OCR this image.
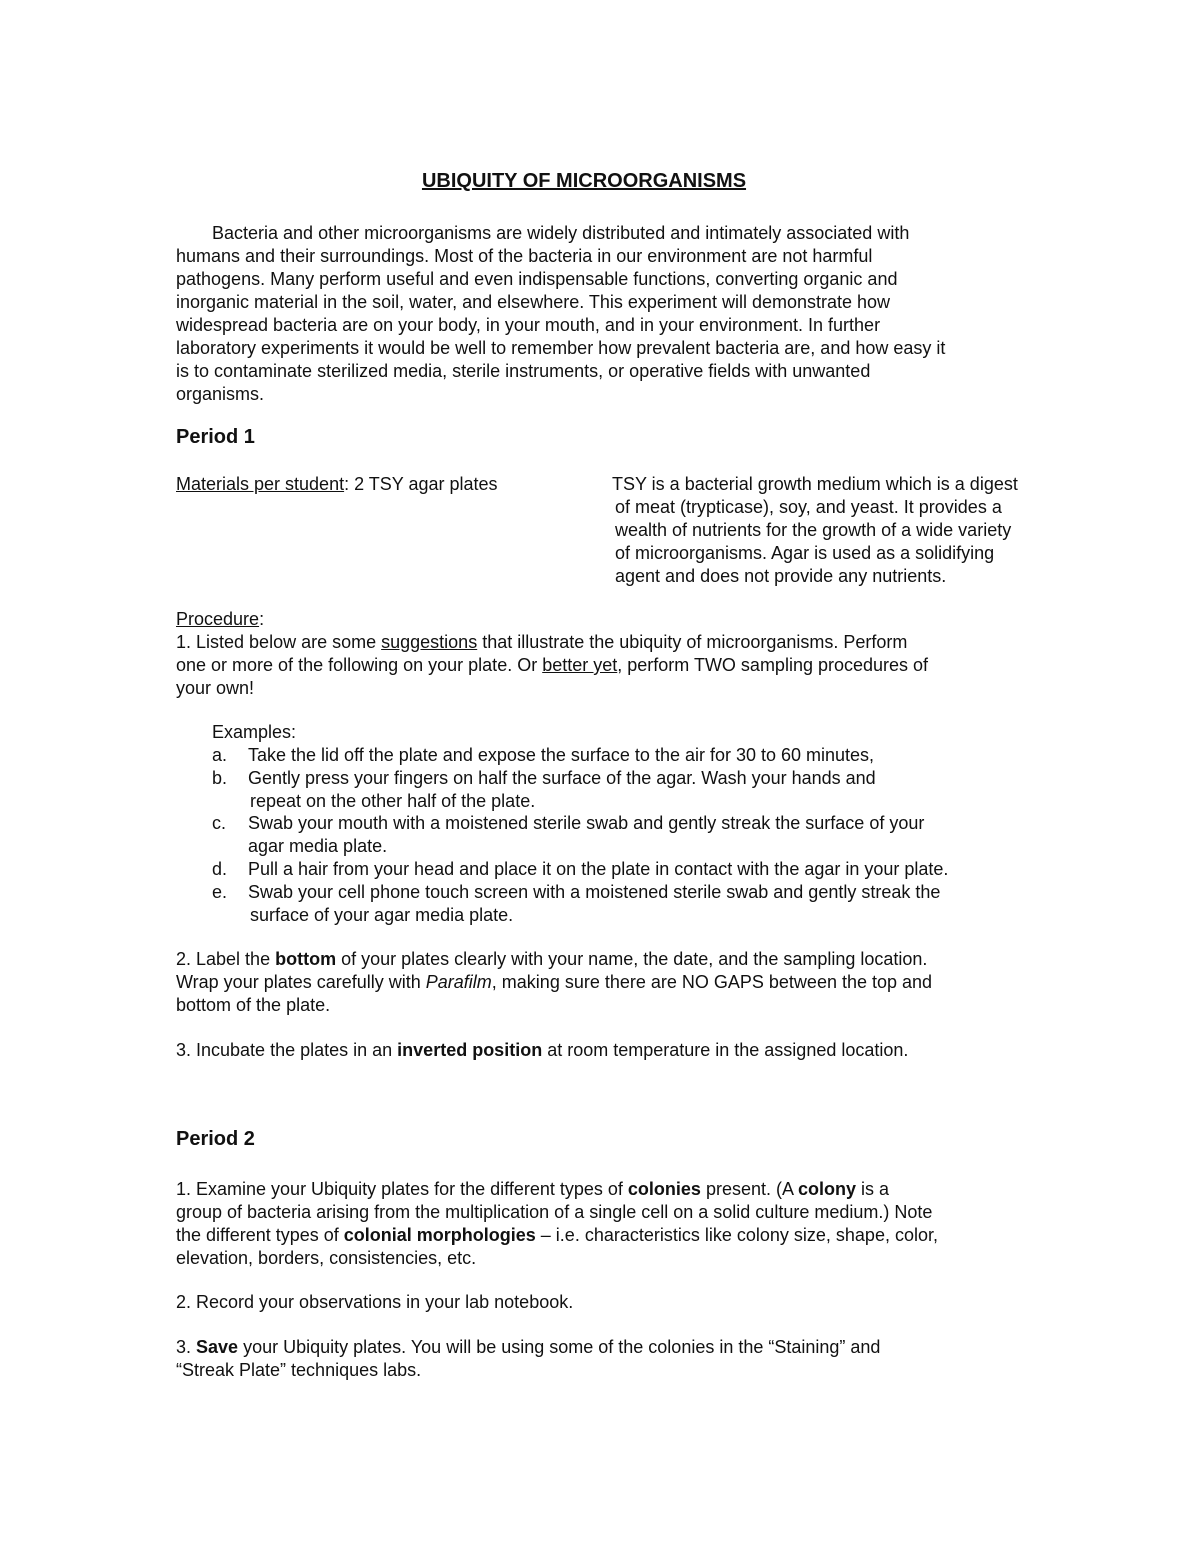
UBIQUITY OF MICROORGANISMS
Bacteria and other microorganisms are widely distributed and intimately associated with
humans and their surroundings. Most of the bacteria in our environment are not harmful
pathogens. Many perform useful and even indispensable functions, converting organic and
inorganic material in the soil, water, and elsewhere. This experiment will demonstrate how
widespread bacteria are on your body, in your mouth, and in your environment. In further
laboratory experiments it would be well to remember how prevalent bacteria are, and how easy it
is to contaminate sterilized media, sterile instruments, or operative fields with unwanted
organisms.
Period 1
Materials per student: 2 TSY agar plates	TSY is a bacterial growth medium which is a digest
of meat (trypticase), soy, and yeast. It provides a
wealth of nutrients for the growth of a wide variety
of microorganisms. Agar is used as a solidifying
agent and does not provide any nutrients.
Procedure:
1. Listed below are some suggestions that illustrate the ubiquity of microorganisms. Perform
one or more of the following on your plate. Or better yet, perform TWO sampling procedures of
your own!
Examples:
a. Take the lid off the plate and expose the surface to the air for 30 to 60 minutes,
b. Gently press your fingers on half the surface of the agar. Wash your hands and
repeat on the other half of the plate.
c. Swab your mouth with a moistened sterile swab and gently streak the surface of your
agar media plate.
d. Pull a hair from your head and place it on the plate in contact with the agar in your plate.
e. Swab your cell phone touch screen with a moistened sterile swab and gently streak the
surface of your agar media plate.
2. Label the bottom of your plates clearly with your name, the date, and the sampling location.
Wrap your plates carefully with Parafilm, making sure there are NO GAPS between the top and
bottom of the plate.
3. Incubate the plates in an inverted position at room temperature in the assigned location.
Period 2
1. Examine your Ubiquity plates for the different types of colonies present. (A colony is a
group of bacteria arising from the multiplication of a single cell on a solid culture medium.) Note
the different types of colonial morphologies – i.e. characteristics like colony size, shape, color,
elevation, borders, consistencies, etc.
2. Record your observations in your lab notebook.
3. Save your Ubiquity plates. You will be using some of the colonies in the “Staining” and
“Streak Plate” techniques labs.
